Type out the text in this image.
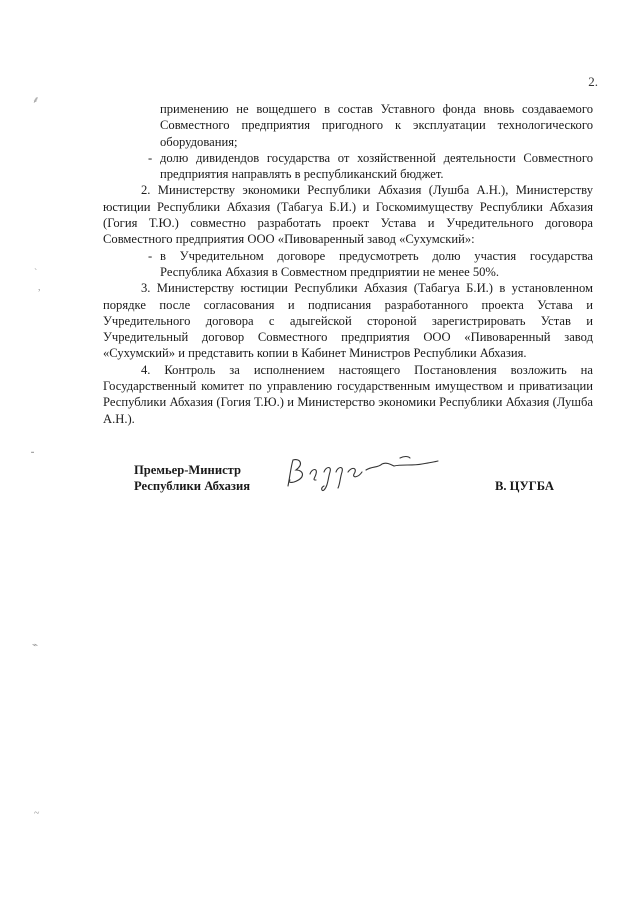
2.

применению не вощедшего в состав Уставного фонда вновь создаваемого Совместного предприятия пригодного к эксплуатации технологического оборудования;

- долю дивидендов государства от хозяйственной деятельности Совместного предприятия направлять в республиканский бюджет.

2. Министерству экономики Республики Абхазия (Лушба А.Н.), Министерству юстиции Республики Абхазия (Табагуа Б.И.) и Госкомимуществу Республики Абхазия (Гогия Т.Ю.) совместно разработать проект Устава и Учредительного договора Совместного предприятия ООО «Пивоваренный завод «Сухумский»:

- в Учредительном договоре предусмотреть долю участия государства Республика Абхазия в Совместном предприятии не менее 50%.

3. Министерству юстиции Республики Абхазия (Табагуа Б.И.) в установленном порядке после согласования и подписания разработанного проекта Устава и Учредительного договора с адыгейской стороной зарегистрировать Устав и Учредительный договор Совместного предприятия ООО «Пивоваренный завод «Сухумский» и представить копии в Кабинет Министров Республики Абхазия.

4. Контроль за исполнением настоящего Постановления возложить на Государственный комитет по управлению государственным имуществом и приватизации Республики Абхазия (Гогия Т.Ю.) и Министерство экономики Республики Абхазия (Лушба А.Н.).

Премьер-Министр
Республики Абхазия	В. ЦУГБА
⸙
ˋ
,
⁃
⌁
~
